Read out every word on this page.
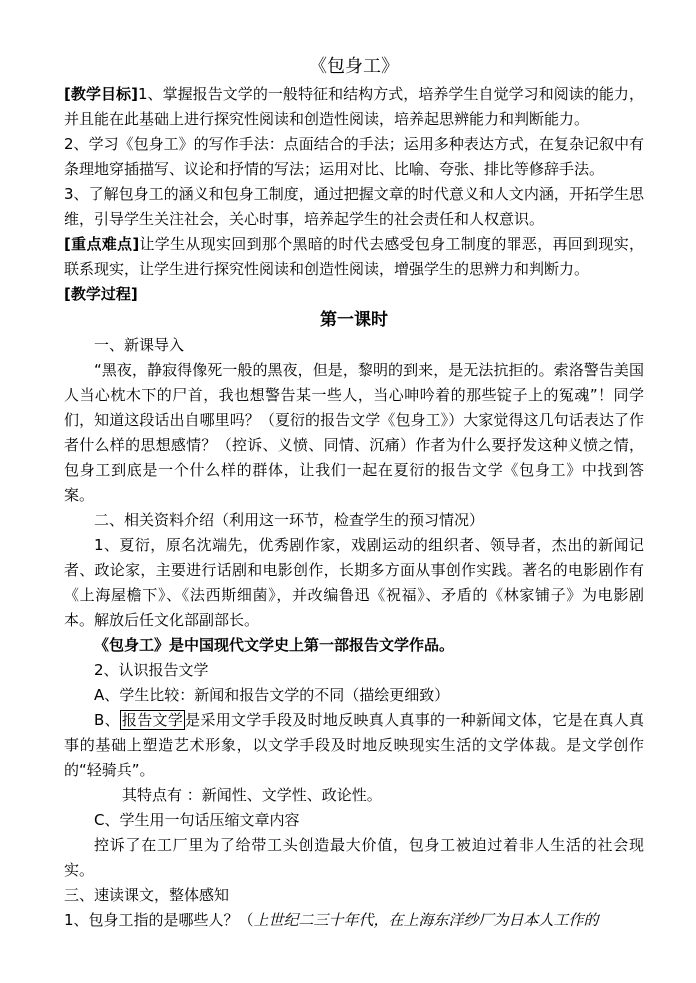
《包身工》

[教学目标]1、掌握报告文学的一般特征和结构方式，培养学生自觉学习和阅读的能力，并且能在此基础上进行探究性阅读和创造性阅读，培养起思辨能力和判断能力。

2、学习《包身工》的写作手法：点面结合的手法；运用多种表达方式，在复杂记叙中有条理地穿插描写、议论和抒情的写法；运用对比、比喻、夸张、排比等修辞手法。

3、了解包身工的涵义和包身工制度，通过把握文章的时代意义和人文内涵，开拓学生思维，引导学生关注社会，关心时事，培养起学生的社会责任和人权意识。

[重点难点]让学生从现实回到那个黑暗的时代去感受包身工制度的罪恶，再回到现实，联系现实，让学生进行探究性阅读和创造性阅读，增强学生的思辨力和判断力。

[教学过程]

第一课时

一、新课导入

“黑夜，静寂得像死一般的黑夜，但是，黎明的到来，是无法抗拒的。索洛警告美国人当心枕木下的尸首，我也想警告某一些人，当心呻吟着的那些锭子上的冤魂”！同学们，知道这段话出自哪里吗？（夏衍的报告文学《包身工》）大家觉得这几句话表达了作者什么样的思想感情？（控诉、义愤、同情、沉痛）作者为什么要抒发这种义愤之情，包身工到底是一个什么样的群体，让我们一起在夏衍的报告文学《包身工》中找到答案。

二、相关资料介绍（利用这一环节，检查学生的预习情况）

1、夏衍，原名沈端先，优秀剧作家，戏剧运动的组织者、领导者，杰出的新闻记者、政论家，主要进行话剧和电影创作，长期多方面从事创作实践。著名的电影剧作有《上海屋檐下》、《法西斯细菌》，并改编鲁迅《祝福》、矛盾的《林家铺子》为电影剧本。解放后任文化部副部长。

《包身工》是中国现代文学史上第一部报告文学作品。

2、认识报告文学

A、学生比较：新闻和报告文学的不同（描绘更细致）

B、 报告文学 是采用文学手段及时地反映真人真事的一种新闻文体，它是在真人真事的基础上塑造艺术形象，以文学手段及时地反映现实生活的文学体裁。是文学创作的“轻骑兵”。

其特点有 ：新闻性、文学性、政论性。

C、学生用一句话压缩文章内容

控诉了在工厂里为了给带工头创造最大价值，包身工被迫过着非人生活的社会现实。

三、速读课文，整体感知

1、包身工指的是哪些人？（上世纪二三十年代，在上海东洋纱厂为日本人工作的
